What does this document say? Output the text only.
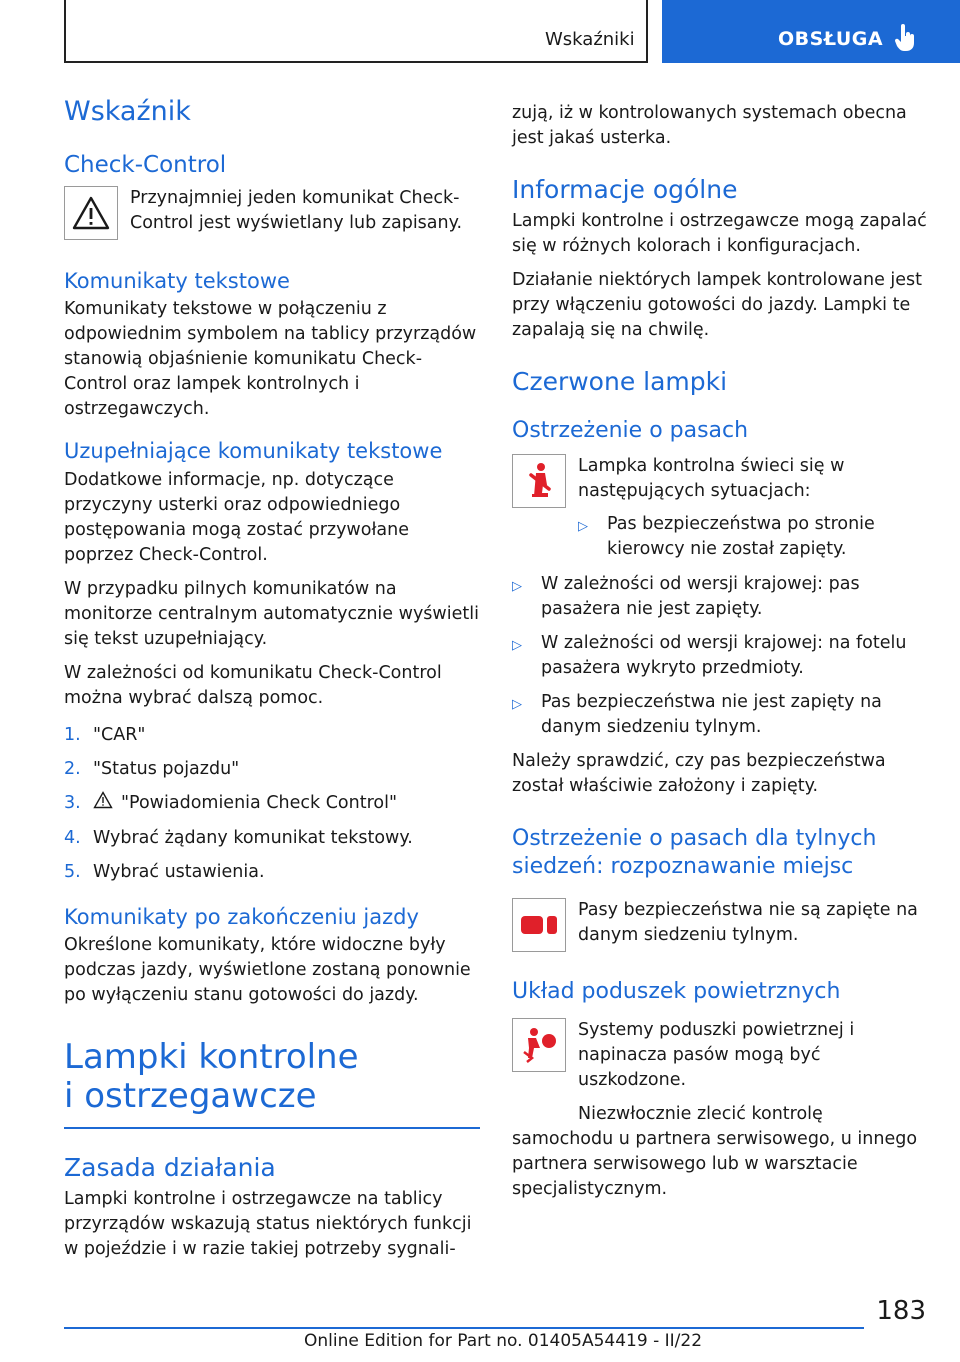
Wskaźniki	OBSŁUGA
Wskaźnik
Check-Control

Przynajmniej jeden komunikat Check-Control jest wyświetlany lub zapisany.

Komunikaty tekstowe

Komunikaty tekstowe w połączeniu z odpowiednim symbolem na tablicy przyrządów stanowią objaśnienie komunikatu Check-Control oraz lampek kontrolnych i ostrzegawczych.

Uzupełniające komunikaty tekstowe

Dodatkowe informacje, np. dotyczące przyczyny usterki oraz odpowiedniego postępowania mogą zostać przywołane poprzez Check-Control.

W przypadku pilnych komunikatów na monitorze centralnym automatycznie wyświetli się tekst uzupełniający.

W zależności od komunikatu Check-Control można wybrać dalszą pomoc.

1. "CAR"
2. "Status pojazdu"
3.	"Powiadomienia Check Control"
4. Wybrać żądany komunikat tekstowy.
5. Wybrać ustawienia.
Komunikaty po zakończeniu jazdy

Określone komunikaty, które widoczne były podczas jazdy, wyświetlone zostaną ponownie po wyłączeniu stanu gotowości do jazdy.

Lampki kontrolne
i ostrzegawcze
Zasada działania

Lampki kontrolne i ostrzegawcze na tablicy przyrządów wskazują status niektórych funkcji w pojeździe i w razie takiej potrzeby sygnali-

zują, iż w kontrolowanych systemach obecna jest jakaś usterka.

Informacje ogólne

Lampki kontrolne i ostrzegawcze mogą zapalać się w różnych kolorach i konfiguracjach.

Działanie niektórych lampek kontrolowane jest przy włączeniu gotowości do jazdy. Lampki te zapalają się na chwilę.

Czerwone lampki
Ostrzeżenie o pasach

Lampka kontrolna świeci się w następujących sytuacjach:

▷	Pas bezpieczeństwa po stronie kierowcy nie został zapięty.
▷	W zależności od wersji krajowej: pas pasażera nie jest zapięty.
▷	W zależności od wersji krajowej: na fotelu pasażera wykryto przedmioty.
▷	Pas bezpieczeństwa nie jest zapięty na danym siedzeniu tylnym.

Należy sprawdzić, czy pas bezpieczeństwa został właściwie założony i zapięty.

Ostrzeżenie o pasach dla tylnych
siedzeń: rozpoznawanie miejsc

Pasy bezpieczeństwa nie są zapięte na danym siedzeniu tylnym.

Układ poduszek powietrznych

Systemy poduszki powietrznej i napinacza pasów mogą być uszkodzone.

Niezwłocznie zlecić kontrolę samochodu u partnera serwisowego, u innego partnera serwisowego lub w warsztacie specjalistycznym.

183
Online Edition for Part no. 01405A54419 - II/22
